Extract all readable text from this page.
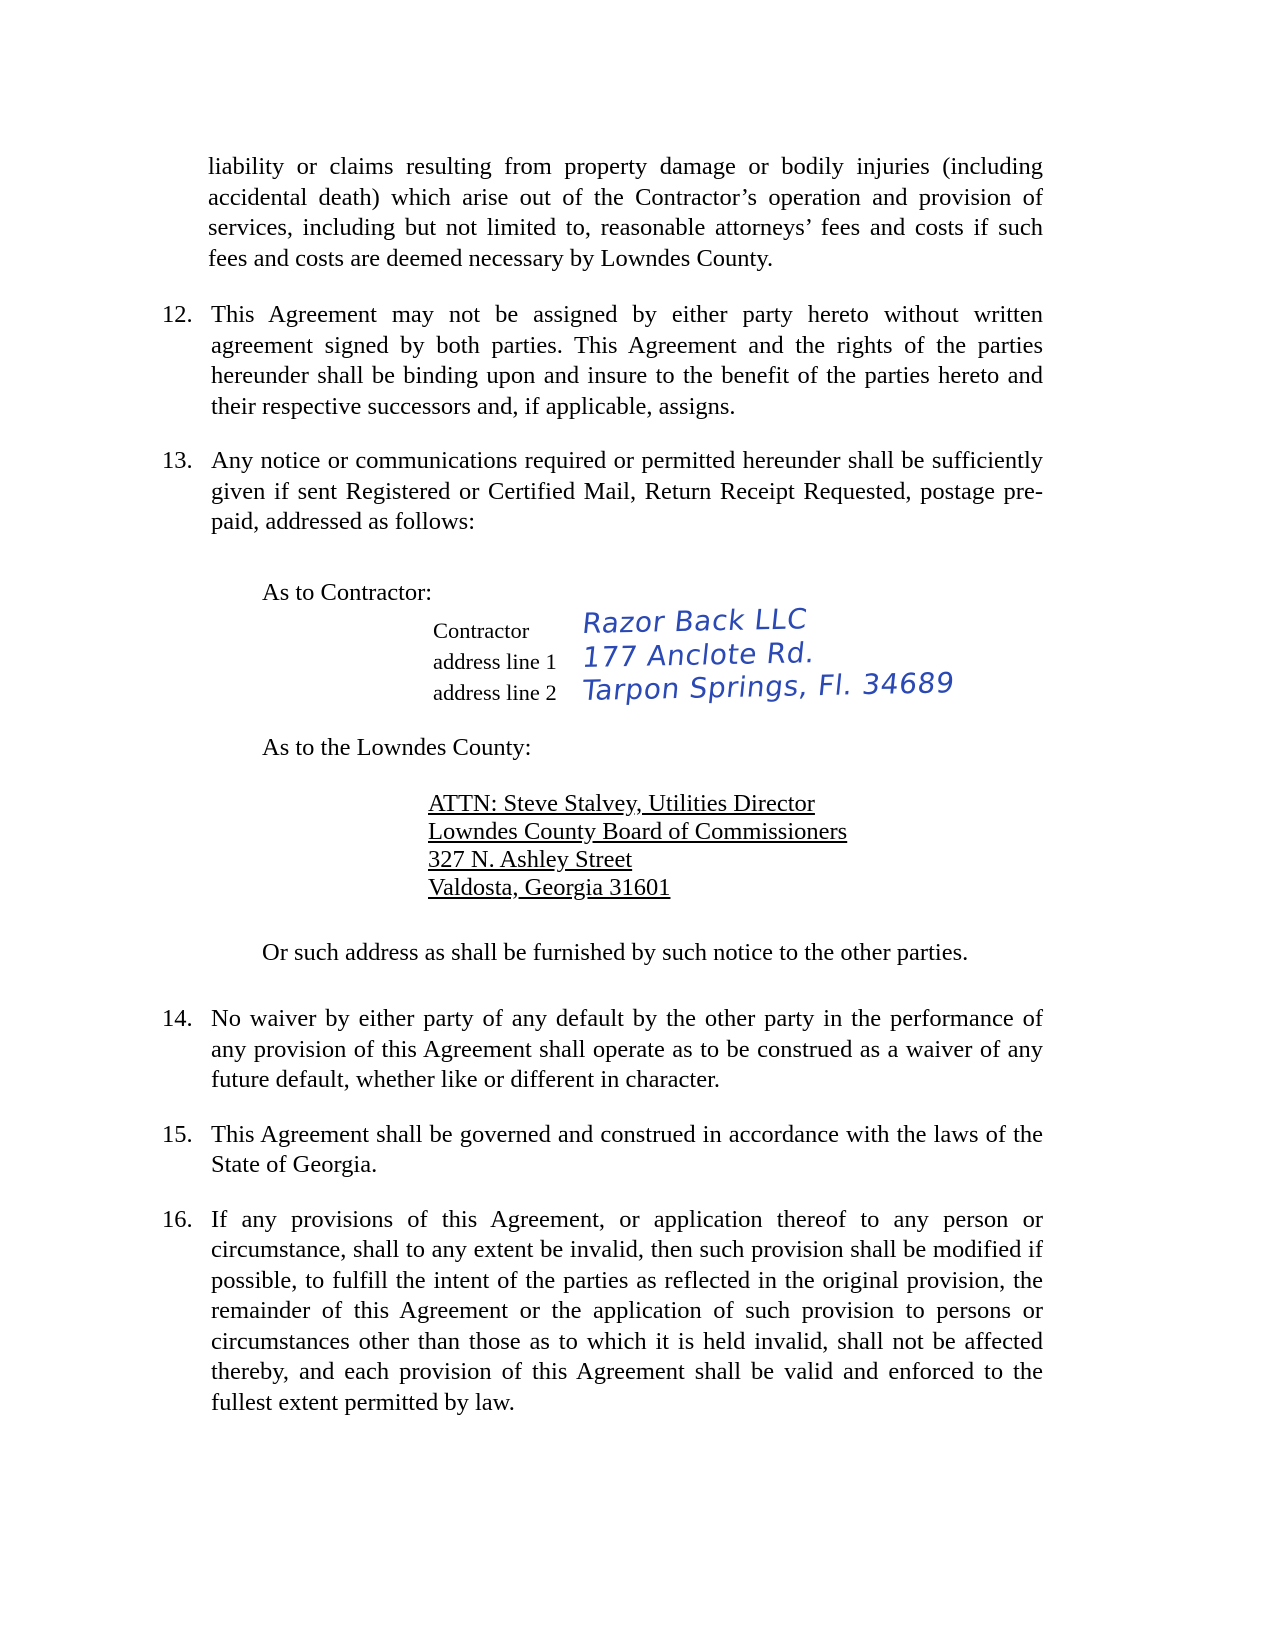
liability or claims resulting from property damage or bodily injuries (including accidental death) which arise out of the Contractor’s operation and provision of services, including but not limited to, reasonable attorneys’ fees and costs if such fees and costs are deemed necessary by Lowndes County.

12. This Agreement may not be assigned by either party hereto without written agreement signed by both parties. This Agreement and the rights of the parties hereunder shall be binding upon and insure to the benefit of the parties hereto and their respective successors and, if applicable, assigns.
13. Any notice or communications required or permitted hereunder shall be sufficiently given if sent Registered or Certified Mail, Return Receipt Requested, postage pre-paid, addressed as follows:
As to Contractor:
Contractor	Razor Back LLC
address line 1 177 Anclote Rd.
address line 2 Tarpon Springs, Fl. 34689
As to the Lowndes County:
ATTN: Steve Stalvey, Utilities Director
Lowndes County Board of Commissioners
327 N. Ashley Street
Valdosta, Georgia 31601
Or such address as shall be furnished by such notice to the other parties.
14. No waiver by either party of any default by the other party in the performance of any provision of this Agreement shall operate as to be construed as a waiver of any future default, whether like or different in character.
15. This Agreement shall be governed and construed in accordance with the laws of the State of Georgia.
16. If any provisions of this Agreement, or application thereof to any person or circumstance, shall to any extent be invalid, then such provision shall be modified if possible, to fulfill the intent of the parties as reflected in the original provision, the remainder of this Agreement or the application of such provision to persons or circumstances other than those as to which it is held invalid, shall not be affected thereby, and each provision of this Agreement shall be valid and enforced to the fullest extent permitted by law.
